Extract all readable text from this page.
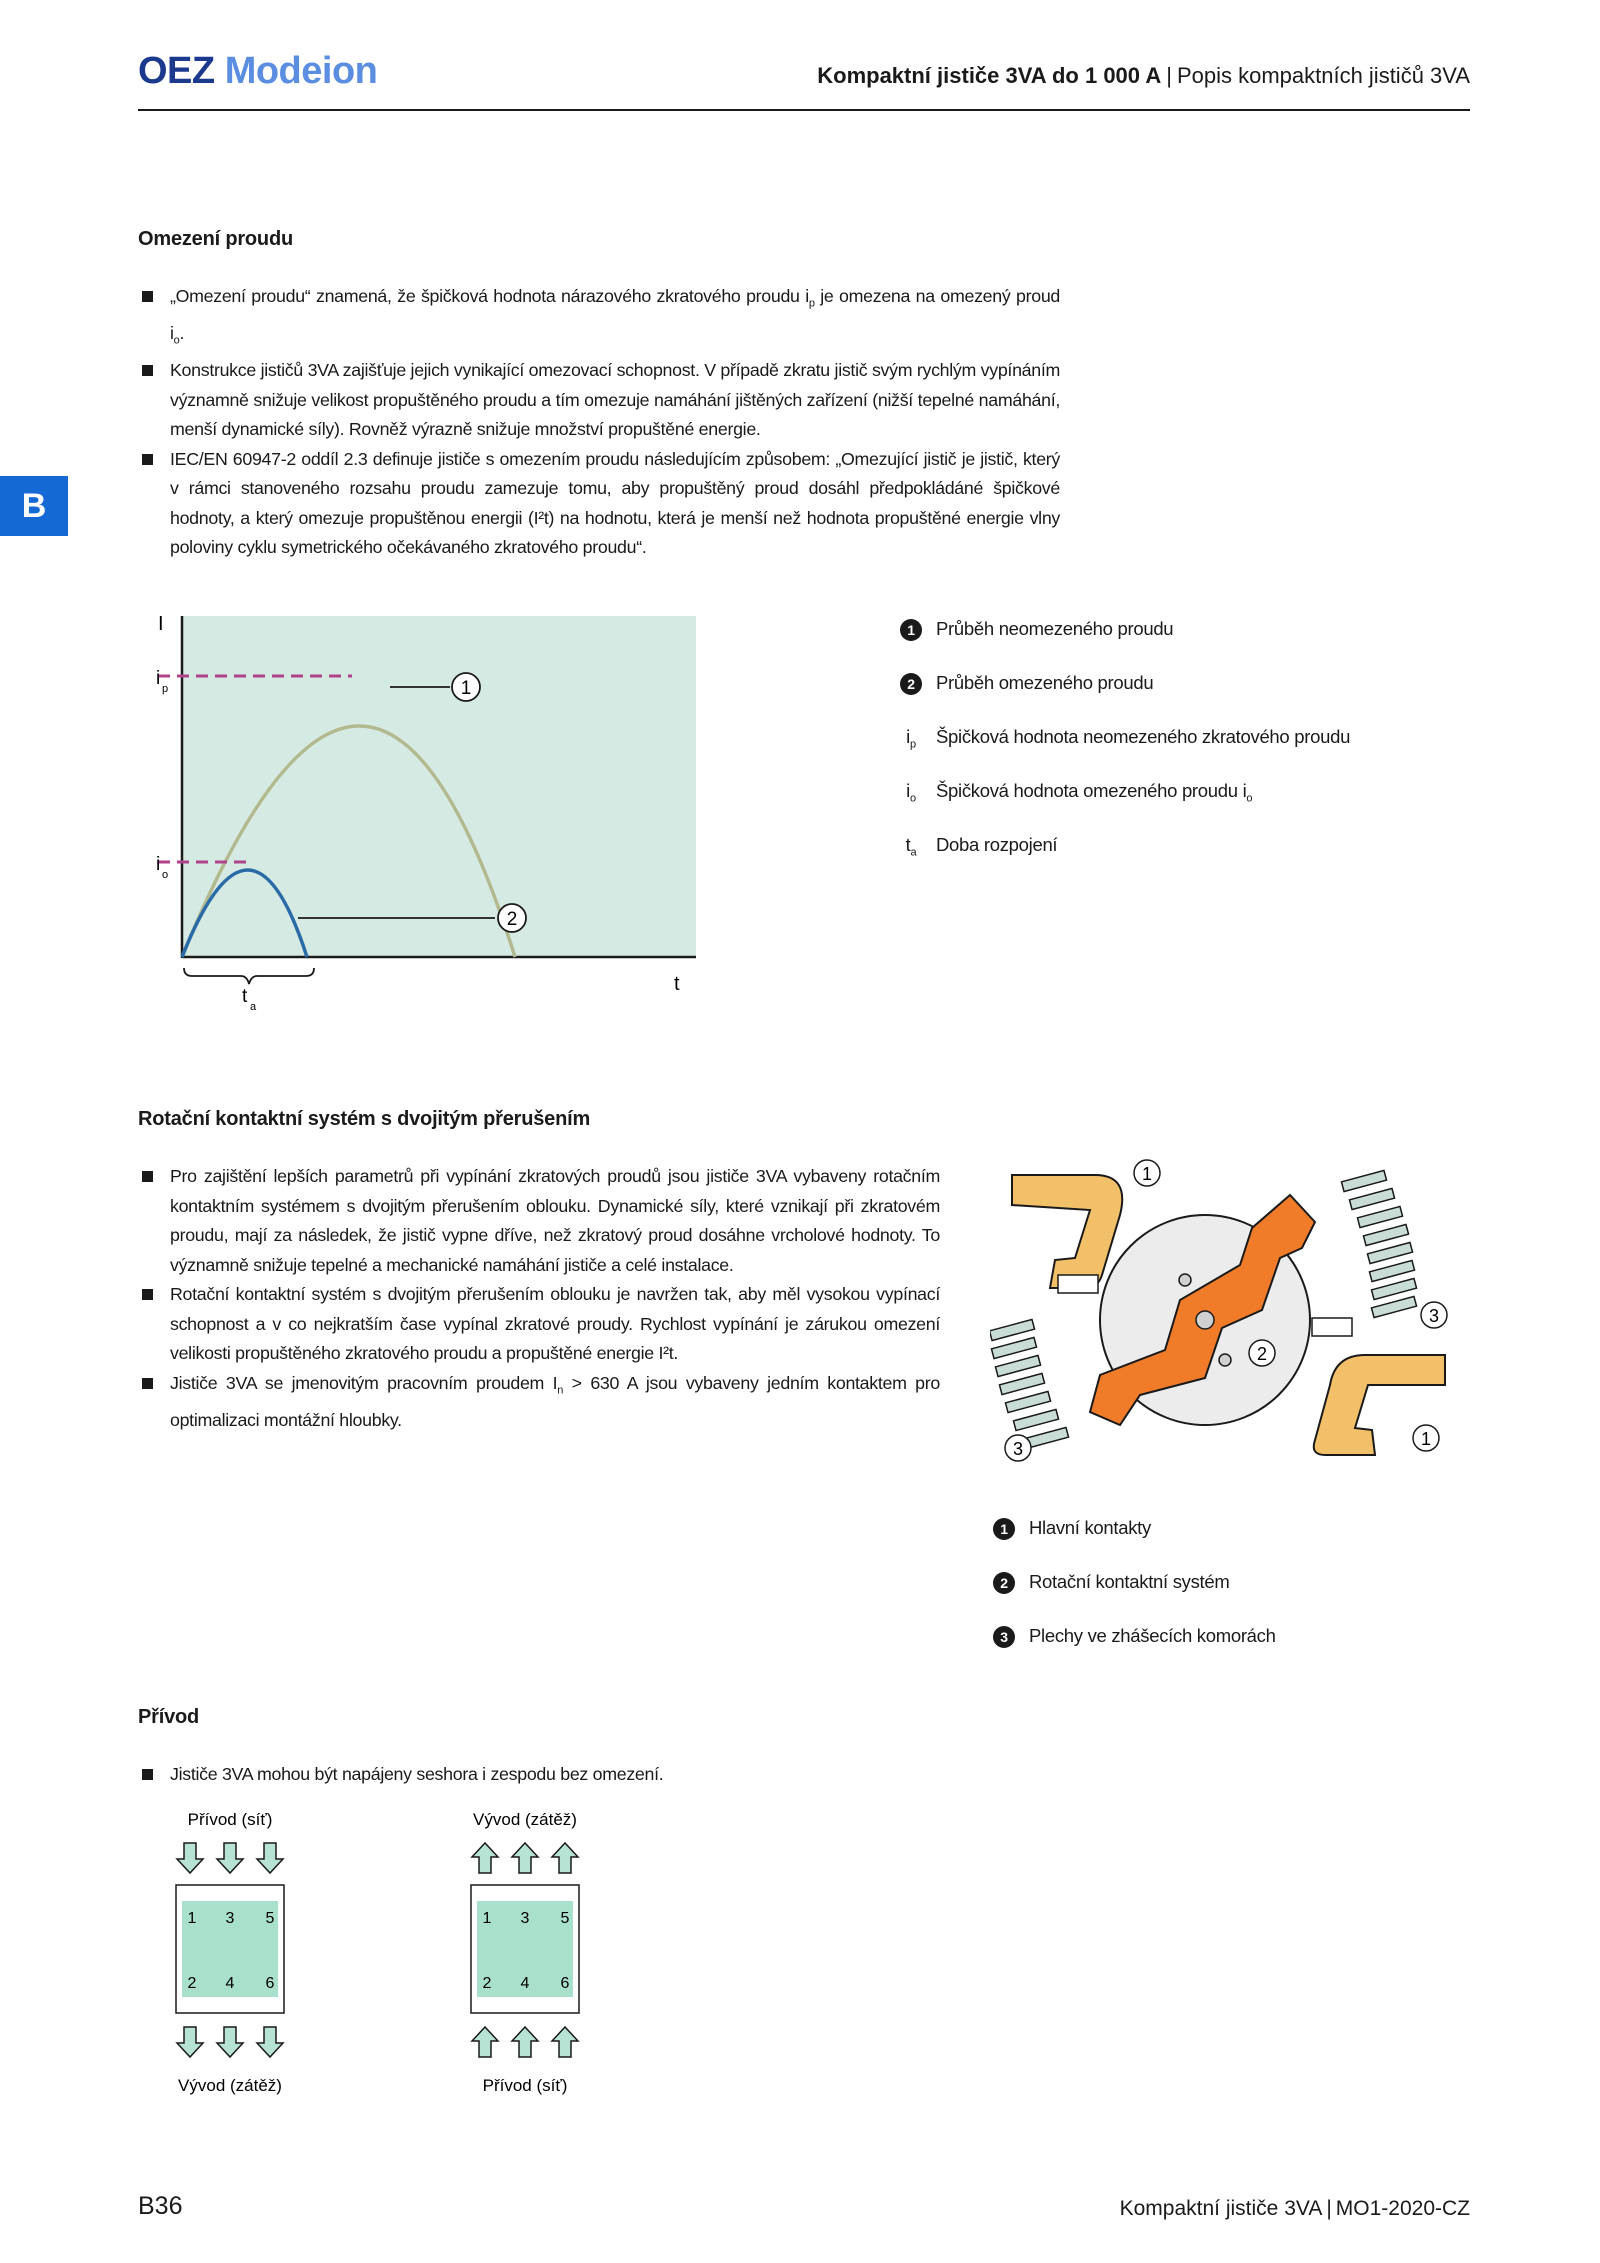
OEZ Modeion	Kompaktní jističe 3VA do 1 000 A | Popis kompaktních jističů 3VA
B
Omezení proudu
„Omezení proudu“ znamená, že špičková hodnota nárazového zkratového proudu $i_p$ je omezena na omezený proud $i_o$.
Konstrukce jističů 3VA zajišťuje jejich vynikající omezovací schopnost. V případě zkratu jistič svým rychlým vypínáním významně snižuje velikost propuštěného proudu a tím omezuje namáhání jištěných zařízení (nižší tepelné namáhání, menší dynamické síly). Rovněž výrazně snižuje množství propuštěné energie.
IEC/EN 60947-2 oddíl 2.3 definuje jističe s omezením proudu následujícím způsobem: „Omezující jistič je jistič, který v rámci stanoveného rozsahu proudu zamezuje tomu, aby propuštěný proud dosáhl předpokládáné špičkové hodnoty, a který omezuje propuštěnou energii (I²t) na hodnotu, která je menší než hodnota propuštěné energie vlny poloviny cyklu symetrického očekávaného zkratového proudu“.
1
2
I
t
i p
i o
t a
1 Průběh neomezeného proudu
2 Průběh omezeného proudu
$i_p$ Špičková hodnota neomezeného zkratového proudu
$i_o$ Špičková hodnota omezeného proudu $i_o$
$t_a$ Doba rozpojení
Rotační kontaktní systém s dvojitým přerušením
Pro zajištění lepších parametrů při vypínání zkratových proudů jsou jističe 3VA vybaveny rotačním kontaktním systémem s dvojitým přerušením oblouku. Dynamické síly, které vznikají při zkratovém proudu, mají za následek, že jistič vypne dříve, než zkratový proud dosáhne vrcholové hodnoty. To významně snižuje tepelné a mechanické namáhání jističe a celé instalace.
Rotační kontaktní systém s dvojitým přerušením oblouku je navržen tak, aby měl vysokou vypínací schopnost a v co nejkratším čase vypínal zkratové proudy. Rychlost vypínání je zárukou omezení velikosti propuštěného zkratového proudu a propuštěné energie I²t.
Jističe 3VA se jmenovitým pracovním proudem $I_n > 630$ A jsou vybaveny jedním kontaktem pro optimalizaci montážní hloubky.
1
2
3
3	1
1 Hlavní kontakty
2 Rotační kontaktní systém
3 Plechy ve zhášecích komorách
Přívod
Jističe 3VA mohou být napájeny seshora i zespodu bez omezení.
Přívod (síť)
1 3 5
2 4 6
Vývod (zátěž)
Vývod (zátěž)
1 3 5
2 4 6
Přívod (síť)
B36	Kompaktní jističe 3VA | MO1-2020-CZ
